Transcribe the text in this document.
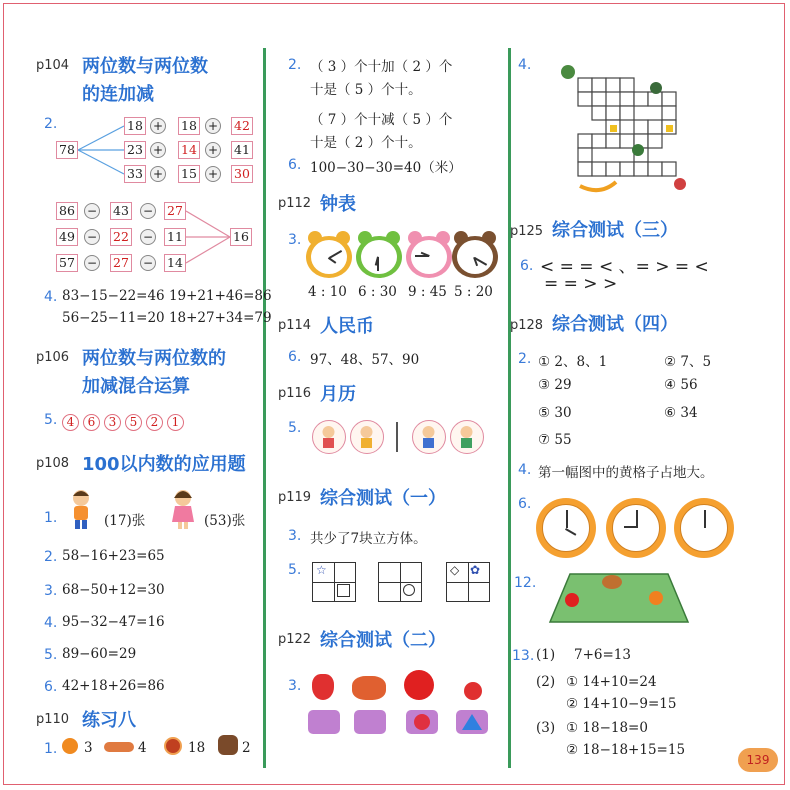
p104 两位数与两位数
的连加减
2.
78
18 + 18 + 42
23 + 14 + 41
33 + 15 + 30
86 − 43 − 27
49 − 22 − 11
57 − 27 − 14
16
4. 83−15−22=46 19+21+46=86
56−25−11=20 18+27+34=79
p106 两位数与两位数的
加减混合运算
5. 4 6 3 5 2 1
p108 100以内数的应用题
1.	(17)张	(53)张
2. 58−16+23=65
3. 68−50+12=30
4. 95−32−47=16
5. 89−60=29
6. 42+18+26=86
p110 练习八
1. 3	4	18	2
2. （ 3 ）个十加（ 2 ）个
十是（ 5 ）个十。
（ 7 ）个十减（ 5 ）个
十是（ 2 ）个十。
6. 100−30−30=40（米）
p112 钟表
3.
4 : 10 6 : 30 9 : 45 5 : 20
p114 人民币
6. 97、48、57、90
p116 月历
5.
p119 综合测试（一）
3. 共少了7块立方体。
5. ☆	◇ ✿
p122 综合测试（二）
3.
4.
p125 综合测试（三）
6. < = = < 、= > = <
= = > >
p128 综合测试（四）
2. ① 2、8、1	② 7、5
③ 29	④ 56
⑤ 30	⑥ 34
⑦ 55
4. 第一幅图中的黄格子占地大。
6.
12.
13. (1) 7+6=13
(2) ① 14+10=24
② 14+10−9=15
(3) ① 18−18=0
② 18−18+15=15
139
